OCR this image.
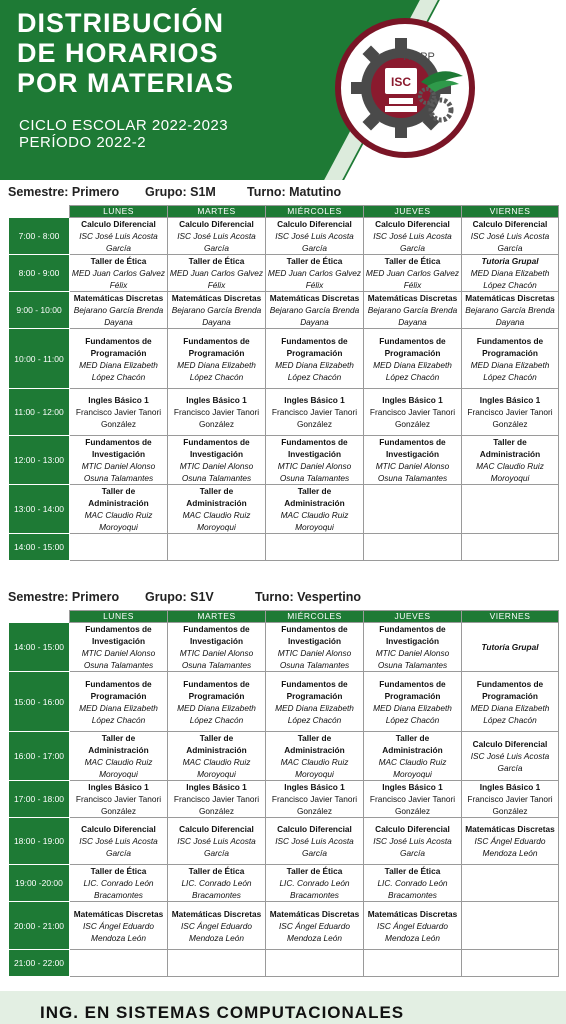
DISTRIBUCIÓN
DE HORARIOS
POR MATERIAS
CICLO ESCOLAR 2022-2023
PERÍODO 2022-2
ISC
ITSPP
Semestre: Primero Grupo: S1M Turno: Matutino
	LUNES	MARTES	MIÉRCOLES	JUEVES	VIERNES
7:00 - 8:00	Calculo Diferencial
ISC José Luis Acosta García	Calculo Diferencial
ISC José Luis Acosta García	Calculo Diferencial
ISC José Luis Acosta García	Calculo Diferencial
ISC José Luis Acosta García	Calculo Diferencial
ISC José Luis Acosta García

8:00 - 9:00	Taller de Ética
MED Juan Carlos Galvez Félix	Taller de Ética
MED Juan Carlos Galvez Félix	Taller de Ética
MED Juan Carlos Galvez Félix	Taller de Ética
MED Juan Carlos Galvez Félix	Tutoria Grupal
MED Diana Elizabeth López Chacón

9:00 - 10:00	Matemáticas Discretas
Bejarano García Brenda Dayana	Matemáticas Discretas
Bejarano García Brenda Dayana	Matemáticas Discretas
Bejarano García Brenda Dayana	Matemáticas Discretas
Bejarano García Brenda Dayana	Matemáticas Discretas
Bejarano García Brenda Dayana

10:00 - 11:00	Fundamentos de Programación
MED Diana Elizabeth López Chacón	Fundamentos de Programación
MED Diana Elizabeth López Chacón	Fundamentos de Programación
MED Diana Elizabeth López Chacón	Fundamentos de Programación
MED Diana Elizabeth López Chacón	Fundamentos de Programación
MED Diana Elizabeth López Chacón

11:00 - 12:00	Ingles Básico 1
Francisco Javier Tanori González	Ingles Básico 1
Francisco Javier Tanori González	Ingles Básico 1
Francisco Javier Tanori González	Ingles Básico 1
Francisco Javier Tanori González	Ingles Básico 1
Francisco Javier Tanori González

12:00 - 13:00	Fundamentos de Investigación
MTIC Daniel Alonso Osuna Talamantes	Fundamentos de Investigación
MTIC Daniel Alonso Osuna Talamantes	Fundamentos de Investigación
MTIC Daniel Alonso Osuna Talamantes	Fundamentos de Investigación
MTIC Daniel Alonso Osuna Talamantes	Taller de Administración
MAC Claudio Ruiz Moroyoqui

13:00 - 14:00	Taller de Administración
MAC Claudio Ruiz Moroyoqui	Taller de Administración
MAC Claudio Ruiz Moroyoqui	Taller de Administración
MAC Claudio Ruiz Moroyoqui		

14:00 - 15:00					
Semestre: Primero Grupo: S1V	Turno: Vespertino
	LUNES	MARTES	MIÉRCOLES	JUEVES	VIERNES
14:00 - 15:00	Fundamentos de Investigación
MTIC Daniel Alonso Osuna Talamantes	Fundamentos de Investigación
MTIC Daniel Alonso Osuna Talamantes	Fundamentos de Investigación
MTIC Daniel Alonso Osuna Talamantes	Fundamentos de Investigación
MTIC Daniel Alonso Osuna Talamantes	Tutoría Grupal

15:00 - 16:00	Fundamentos de Programación
MED Diana Elizabeth López Chacón	Fundamentos de Programación
MED Diana Elizabeth López Chacón	Fundamentos de Programación
MED Diana Elizabeth López Chacón	Fundamentos de Programación
MED Diana Elizabeth López Chacón	Fundamentos de Programación
MED Diana Elizabeth López Chacón

16:00 - 17:00	Taller de Administración
MAC Claudio Ruiz Moroyoqui	Taller de Administración
MAC Claudio Ruiz Moroyoqui	Taller de Administración
MAC Claudio Ruiz Moroyoqui	Taller de Administración
MAC Claudio Ruiz Moroyoqui	Calculo Diferencial
ISC José Luis Acosta García

17:00 - 18:00	Ingles Básico 1
Francisco Javier Tanori González	Ingles Básico 1
Francisco Javier Tanori González	Ingles Básico 1
Francisco Javier Tanori González	Ingles Básico 1
Francisco Javier Tanori González	Ingles Básico 1
Francisco Javier Tanori González

18:00 - 19:00	Calculo Diferencial
ISC José Luis Acosta García	Calculo Diferencial
ISC José Luis Acosta García	Calculo Diferencial
ISC José Luis Acosta García	Calculo Diferencial
ISC José Luis Acosta García	Matemáticas Discretas
ISC Ángel Eduardo Mendoza León

19:00 -20:00	Taller de Ética
LIC. Conrado León Bracamontes	Taller de Ética
LIC. Conrado León Bracamontes	Taller de Ética
LIC. Conrado León Bracamontes	Taller de Ética
LIC. Conrado León Bracamontes	

20:00 - 21:00	Matemáticas Discretas
ISC Ángel Eduardo Mendoza León	Matemáticas Discretas
ISC Ángel Eduardo Mendoza León	Matemáticas Discretas
ISC Ángel Eduardo Mendoza León	Matemáticas Discretas
ISC Ángel Eduardo Mendoza León	

21:00 - 22:00					
ING. EN SISTEMAS COMPUTACIONALES
